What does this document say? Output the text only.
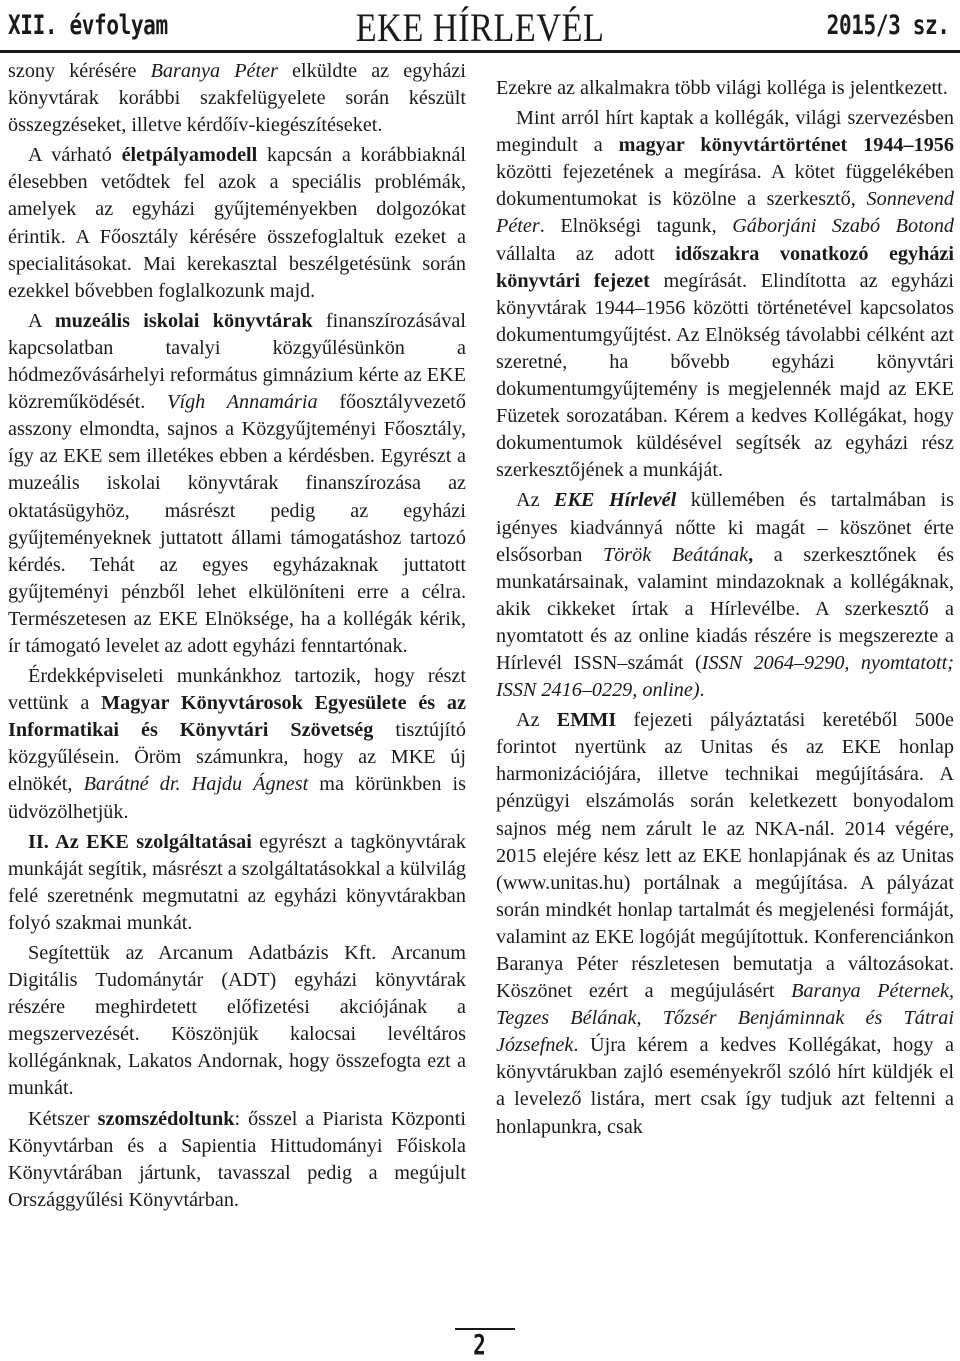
XII. évfolyam	EKE HÍRLEVÉL	2015/3 sz.

szony kérésére Baranya Péter elküldte az egyházi könyvtárak korábbi szakfelügyelete során készült összegzéseket, illetve kérdőív-kiegészítéseket.

A várható életpályamodell kapcsán a korábbiaknál élesebben vetődtek fel azok a speciális problémák, amelyek az egyházi gyűjteményekben dolgozókat érintik. A Főosztály kérésére összefoglaltuk ezeket a specialitásokat. Mai kerekasztal beszélgetésünk során ezekkel bővebben foglalkozunk majd.

A muzeális iskolai könyvtárak finanszírozásával kapcsolatban tavalyi közgyűlésünkön a hódmezővásárhelyi református gimnázium kérte az EKE közreműködését. Vígh Annamária főosztályvezető asszony elmondta, sajnos a Közgyűjteményi Főosztály, így az EKE sem illetékes ebben a kérdésben. Egyrészt a muzeális iskolai könyvtárak finanszírozása az oktatásügyhöz, másrészt pedig az egyházi gyűjteményeknek juttatott állami támogatáshoz tartozó kérdés. Tehát az egyes egyházaknak juttatott gyűjteményi pénzből lehet elkülöníteni erre a célra. Természetesen az EKE Elnöksége, ha a kollégák kérik, ír támogató levelet az adott egyházi fenntartónak.

Érdekképviseleti munkánkhoz tartozik, hogy részt vettünk a Magyar Könyvtárosok Egyesülete és az Informatikai és Könyvtári Szövetség tisztújító közgyűlésein. Öröm számunkra, hogy az MKE új elnökét, Barátné dr. Hajdu Ágnest ma körünkben is üdvözölhetjük.

II. Az EKE szolgáltatásai egyrészt a tagkönyvtárak munkáját segítik, másrészt a szolgáltatásokkal a külvilág felé szeretnénk megmutatni az egyházi könyvtárakban folyó szakmai munkát.

Segítettük az Arcanum Adatbázis Kft. Arcanum Digitális Tudománytár (ADT) egyházi könyvtárak részére meghirdetett előfizetési akciójának a megszervezését. Köszönjük kalocsai levéltáros kollégánknak, Lakatos Andornak, hogy összefogta ezt a munkát.

Kétszer szomszédoltunk: ősszel a Piarista Központi Könyvtárban és a Sapientia Hittudományi Főiskola Könyvtárában jártunk, tavasszal pedig a megújult Országgyűlési Könyvtárban.

Ezekre az alkalmakra több világi kolléga is jelentkezett.

Mint arról hírt kaptak a kollégák, világi szervezésben megindult a magyar könyvtártörténet 1944–1956 közötti fejezetének a megírása. A kötet függelékében dokumentumokat is közölne a szerkesztő, Sonnevend Péter. Elnökségi tagunk, Gáborjáni Szabó Botond vállalta az adott időszakra vonatkozó egyházi könyvtári fejezet megírását. Elindította az egyházi könyvtárak 1944–1956 közötti történetével kapcsolatos dokumentumgyűjtést. Az Elnökség távolabbi célként azt szeretné, ha bővebb egyházi könyvtári dokumentumgyűjtemény is megjelennék majd az EKE Füzetek sorozatában. Kérem a kedves Kollégákat, hogy dokumentumok küldésével segítsék az egyházi rész szerkesztőjének a munkáját.

Az EKE Hírlevél küllemében és tartalmában is igényes kiadvánnyá nőtte ki magát – köszönet érte elsősorban Török Beátának, a szerkesztőnek és munkatársainak, valamint mindazoknak a kollégáknak, akik cikkeket írtak a Hírlevélbe. A szerkesztő a nyomtatott és az online kiadás részére is megszerezte a Hírlevél ISSN–számát (ISSN 2064–9290, nyomtatott; ISSN 2416–0229, online).

Az EMMI fejezeti pályáztatási keretéből 500e forintot nyertünk az Unitas és az EKE honlap harmonizációjára, illetve technikai megújítására. A pénzügyi elszámolás során keletkezett bonyodalom sajnos még nem zárult le az NKA-nál. 2014 végére, 2015 elejére kész lett az EKE honlapjának és az Unitas (www.unitas.hu) portálnak a megújítása. A pályázat során mindkét honlap tartalmát és megjelenési formáját, valamint az EKE logóját megújítottuk. Konferenciánkon Baranya Péter részletesen bemutatja a változásokat. Köszönet ezért a megújulásért Baranya Péternek, Tegzes Bélának, Tőzsér Benjáminnak és Tátrai Józsefnek. Újra kérem a kedves Kollégákat, hogy a könyvtárukban zajló eseményekről szóló hírt küldjék el a levelező listára, mert csak így tudjuk azt feltenni a honlapunkra, csak

2
